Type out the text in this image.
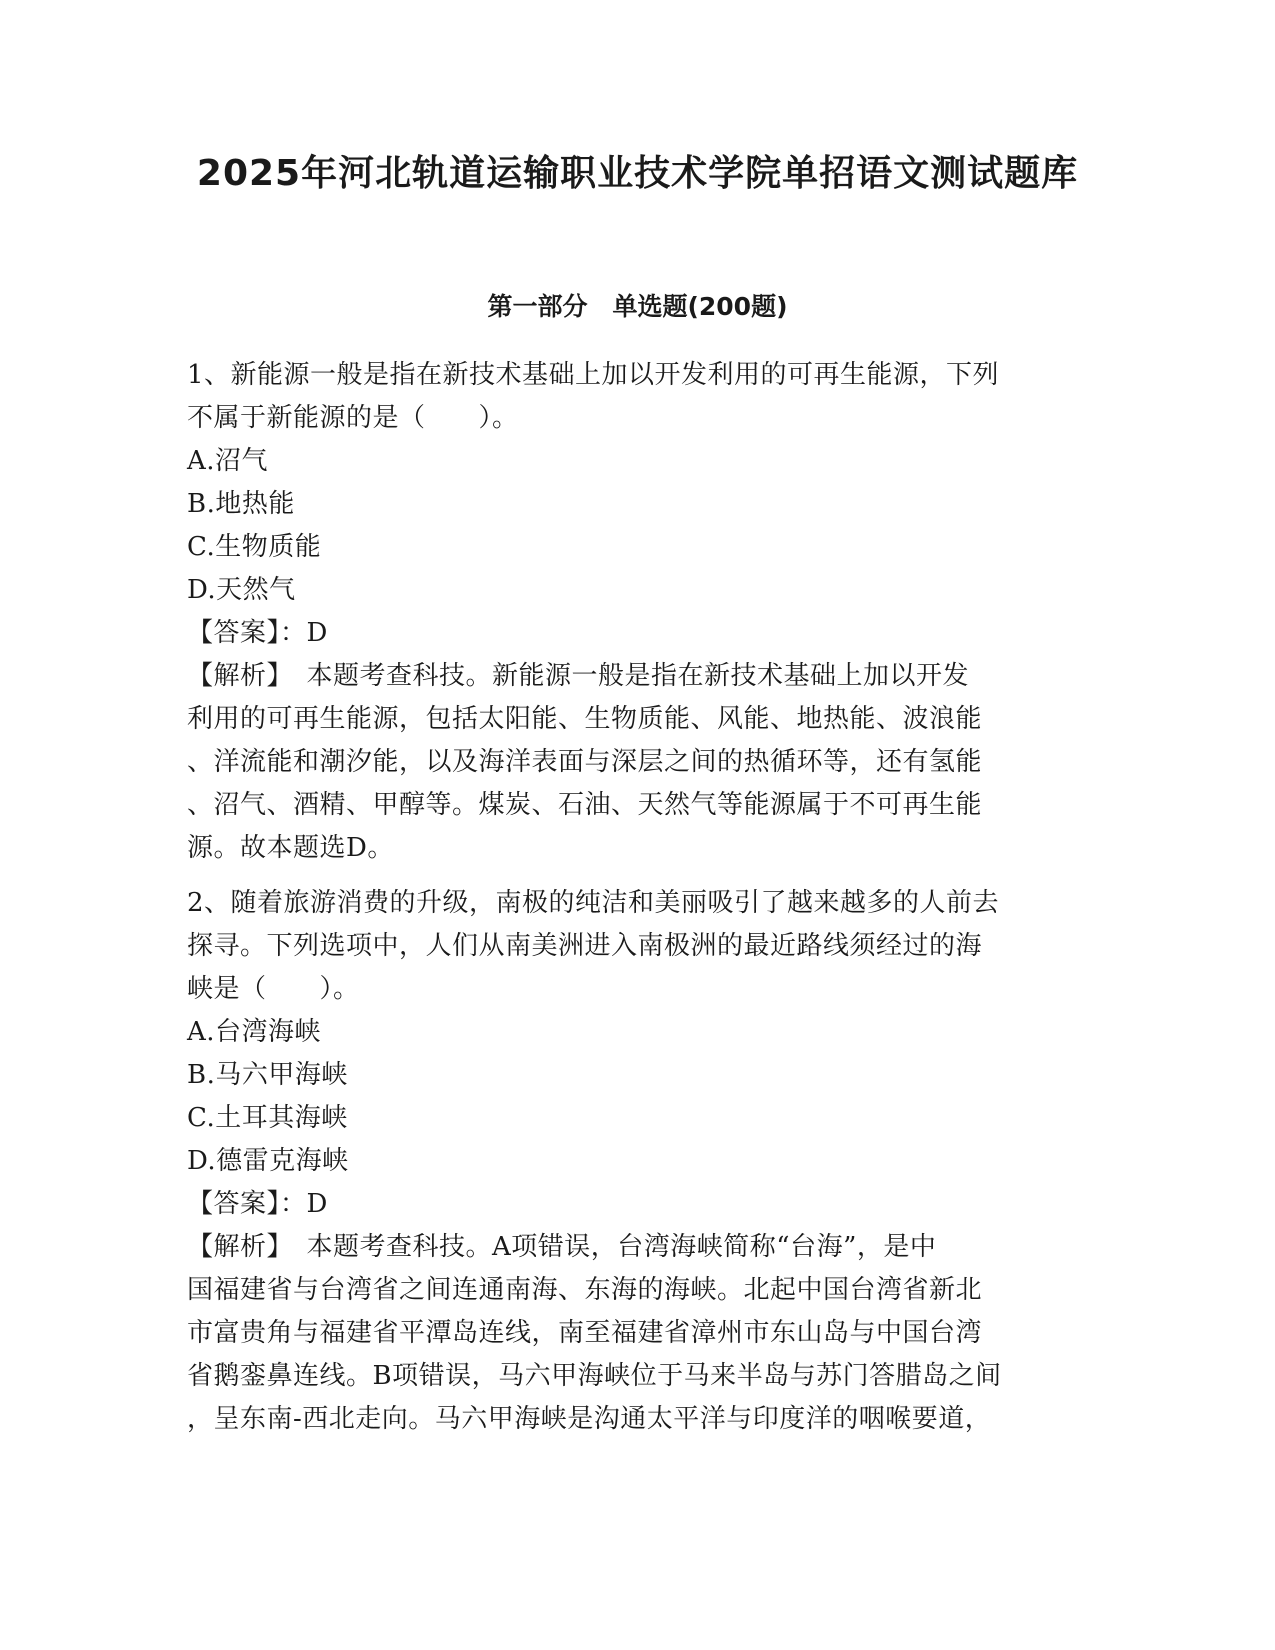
2025年河北轨道运输职业技术学院单招语文测试题库
第一部分　单选题(200题)
1、新能源一般是指在新技术基础上加以开发利用的可再生能源，下列
不属于新能源的是（　　）。
A.沼气
B.地热能
C.生物质能
D.天然气
【答案】：D
【解析】　本题考查科技。新能源一般是指在新技术基础上加以开发
利用的可再生能源，包括太阳能、生物质能、风能、地热能、波浪能
、洋流能和潮汐能，以及海洋表面与深层之间的热循环等，还有氢能
、沼气、酒精、甲醇等。煤炭、石油、天然气等能源属于不可再生能
源。故本题选D。
2、随着旅游消费的升级，南极的纯洁和美丽吸引了越来越多的人前去
探寻。下列选项中，人们从南美洲进入南极洲的最近路线须经过的海
峡是（　　）。
A.台湾海峡
B.马六甲海峡
C.土耳其海峡
D.德雷克海峡
【答案】：D
【解析】　本题考查科技。A项错误，台湾海峡简称“台海”，是中
国福建省与台湾省之间连通南海、东海的海峡。北起中国台湾省新北
市富贵角与福建省平潭岛连线，南至福建省漳州市东山岛与中国台湾
省鹅銮鼻连线。B项错误，马六甲海峡位于马来半岛与苏门答腊岛之间
，呈东南-西北走向。马六甲海峡是沟通太平洋与印度洋的咽喉要道，
